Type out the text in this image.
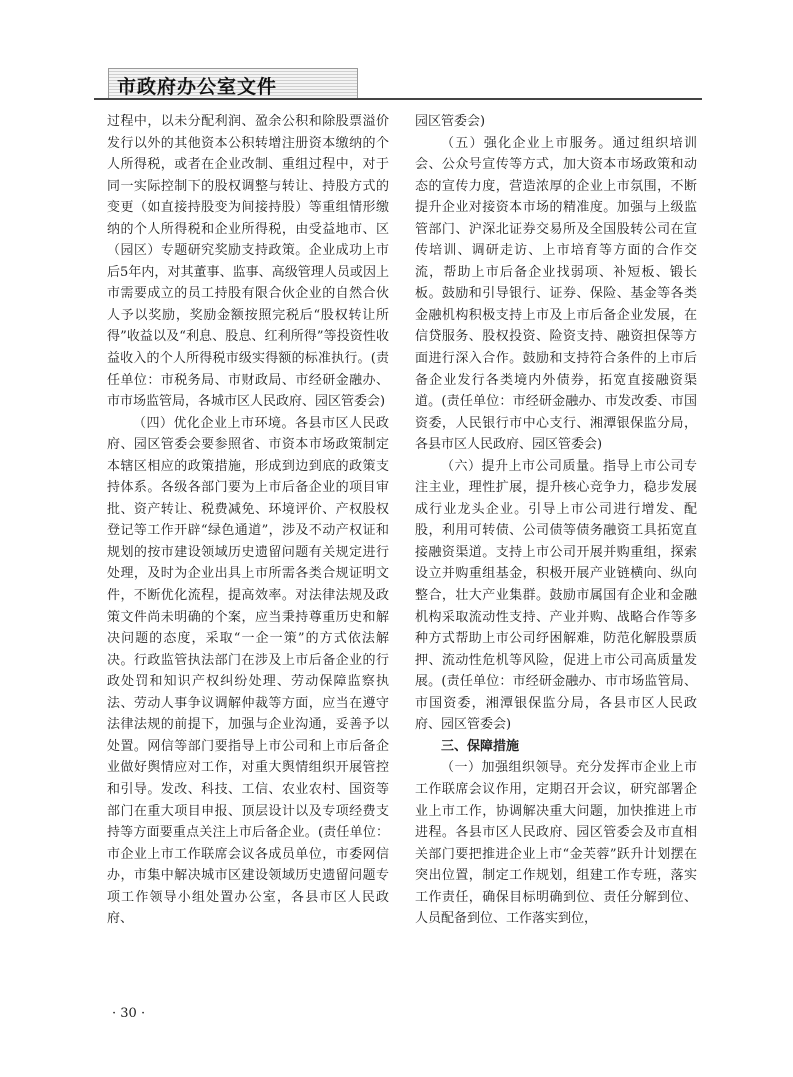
市政府办公室文件

过程中，以未分配利润、盈余公积和除股票溢价发行以外的其他资本公积转增注册资本缴纳的个人所得税，或者在企业改制、重组过程中，对于同一实际控制下的股权调整与转让、持股方式的变更（如直接持股变为间接持股）等重组情形缴纳的个人所得税和企业所得税，由受益地市、区（园区）专题研究奖励支持政策。企业成功上市后5年内，对其董事、监事、高级管理人员或因上市需要成立的员工持股有限合伙企业的自然合伙人予以奖励，奖励金额按照完税后“股权转让所得”收益以及“利息、股息、红利所得”等投资性收益收入的个人所得税市级实得额的标准执行。(责任单位：市税务局、市财政局、市经研金融办、市市场监管局，各城市区人民政府、园区管委会)

（四）优化企业上市环境。各县市区人民政府、园区管委会要参照省、市资本市场政策制定本辖区相应的政策措施，形成到边到底的政策支持体系。各级各部门要为上市后备企业的项目审批、资产转让、税费减免、环境评价、产权股权登记等工作开辟“绿色通道”，涉及不动产权证和规划的按市建设领域历史遗留问题有关规定进行处理，及时为企业出具上市所需各类合规证明文件，不断优化流程，提高效率。对法律法规及政策文件尚未明确的个案，应当秉持尊重历史和解决问题的态度，采取“一企一策”的方式依法解决。行政监管执法部门在涉及上市后备企业的行政处罚和知识产权纠纷处理、劳动保障监察执法、劳动人事争议调解仲裁等方面，应当在遵守法律法规的前提下，加强与企业沟通，妥善予以处置。网信等部门要指导上市公司和上市后备企业做好舆情应对工作，对重大舆情组织开展管控和引导。发改、科技、工信、农业农村、国资等部门在重大项目申报、顶层设计以及专项经费支持等方面要重点关注上市后备企业。(责任单位：市企业上市工作联席会议各成员单位，市委网信办，市集中解决城市区建设领域历史遗留问题专项工作领导小组处置办公室，各县市区人民政府、

园区管委会)

（五）强化企业上市服务。通过组织培训会、公众号宣传等方式，加大资本市场政策和动态的宣传力度，营造浓厚的企业上市氛围，不断提升企业对接资本市场的精准度。加强与上级监管部门、沪深北证券交易所及全国股转公司在宣传培训、调研走访、上市培育等方面的合作交流，帮助上市后备企业找弱项、补短板、锻长板。鼓励和引导银行、证券、保险、基金等各类金融机构积极支持上市及上市后备企业发展，在信贷服务、股权投资、险资支持、融资担保等方面进行深入合作。鼓励和支持符合条件的上市后备企业发行各类境内外债券，拓宽直接融资渠道。(责任单位：市经研金融办、市发改委、市国资委，人民银行市中心支行、湘潭银保监分局，各县市区人民政府、园区管委会)

（六）提升上市公司质量。指导上市公司专注主业，理性扩展，提升核心竞争力，稳步发展成行业龙头企业。引导上市公司进行增发、配股，利用可转债、公司债等债务融资工具拓宽直接融资渠道。支持上市公司开展并购重组，探索设立并购重组基金，积极开展产业链横向、纵向整合，壮大产业集群。鼓励市属国有企业和金融机构采取流动性支持、产业并购、战略合作等多种方式帮助上市公司纾困解难，防范化解股票质押、流动性危机等风险，促进上市公司高质量发展。(责任单位：市经研金融办、市市场监管局、市国资委，湘潭银保监分局，各县市区人民政府、园区管委会)

三、保障措施

（一）加强组织领导。充分发挥市企业上市工作联席会议作用，定期召开会议，研究部署企业上市工作，协调解决重大问题，加快推进上市进程。各县市区人民政府、园区管委会及市直相关部门要把推进企业上市“金芙蓉”跃升计划摆在突出位置，制定工作规划，组建工作专班，落实工作责任，确保目标明确到位、责任分解到位、人员配备到位、工作落实到位，

· 30 ·
